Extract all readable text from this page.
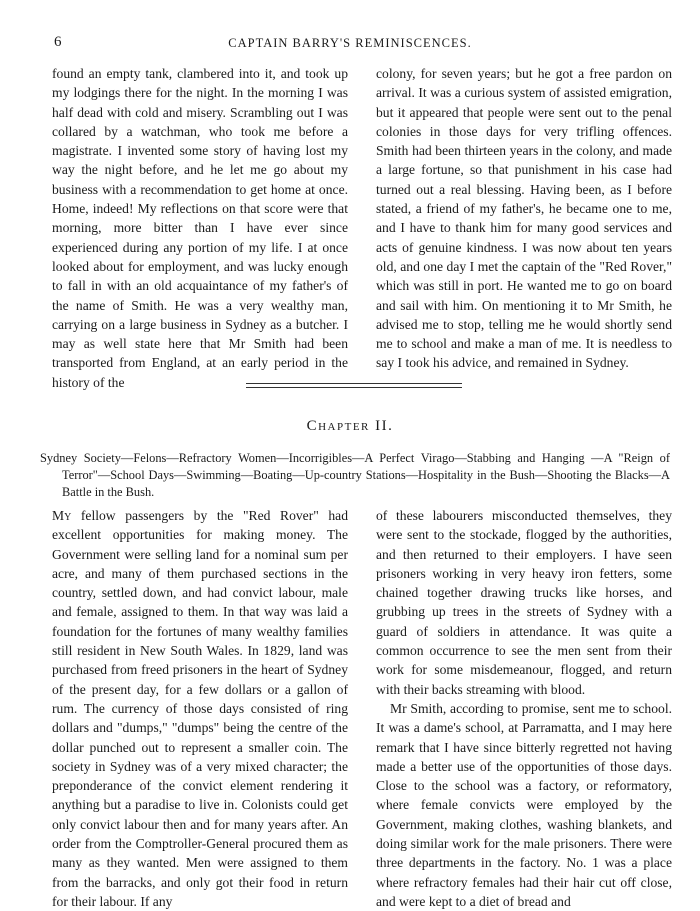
6	CAPTAIN BARRY'S REMINISCENCES.

found an empty tank, clambered into it, and took up my lodgings there for the night. In the morning I was half dead with cold and misery. Scrambling out I was collared by a watchman, who took me before a magistrate. I invented some story of having lost my way the night before, and he let me go about my business with a recommendation to get home at once. Home, indeed! My reflections on that score were that morning, more bitter than I have ever since experienced during any portion of my life. I at once looked about for employment, and was lucky enough to fall in with an old acquaintance of my father's of the name of Smith. He was a very wealthy man, carrying on a large business in Sydney as a butcher. I may as well state here that Mr Smith had been transported from England, at an early period in the history of the

colony, for seven years; but he got a free pardon on arrival. It was a curious system of assisted emigration, but it appeared that people were sent out to the penal colonies in those days for very trifling offences. Smith had been thirteen years in the colony, and made a large fortune, so that punishment in his case had turned out a real blessing. Having been, as I before stated, a friend of my father's, he became one to me, and I have to thank him for many good services and acts of genuine kindness. I was now about ten years old, and one day I met the captain of the "Red Rover," which was still in port. He wanted me to go on board and sail with him. On mentioning it to Mr Smith, he advised me to stop, telling me he would shortly send me to school and make a man of me. It is needless to say I took his advice, and remained in Sydney.

Chapter II.
Sydney Society—Felons—Refractory Women—Incorrigibles—A Perfect Virago—Stabbing and Hanging —A "Reign of Terror"—School Days—Swimming—Boating—Up-country Stations—Hospitality in the Bush—Shooting the Blacks—A Battle in the Bush.

My fellow passengers by the "Red Rover" had excellent opportunities for making money. The Government were selling land for a nominal sum per acre, and many of them purchased sections in the country, settled down, and had convict labour, male and female, assigned to them. In that way was laid a foundation for the fortunes of many wealthy families still resident in New South Wales. In 1829, land was purchased from freed prisoners in the heart of Sydney of the present day, for a few dollars or a gallon of rum. The currency of those days consisted of ring dollars and "dumps," "dumps" being the centre of the dollar punched out to represent a smaller coin. The society in Sydney was of a very mixed character; the preponderance of the convict element rendering it anything but a paradise to live in. Colonists could get only convict labour then and for many years after. An order from the Comptroller-General procured them as many as they wanted. Men were assigned to them from the barracks, and only got their food in return for their labour. If any

of these labourers misconducted themselves, they were sent to the stockade, flogged by the authorities, and then returned to their employers. I have seen prisoners working in very heavy iron fetters, some chained together drawing trucks like horses, and grubbing up trees in the streets of Sydney with a guard of soldiers in attendance. It was quite a common occurrence to see the men sent from their work for some misdemeanour, flogged, and return with their backs streaming with blood.

Mr Smith, according to promise, sent me to school. It was a dame's school, at Parramatta, and I may here remark that I have since bitterly regretted not having made a better use of the opportunities of those days. Close to the school was a factory, or reformatory, where female convicts were employed by the Government, making clothes, washing blankets, and doing similar work for the male prisoners. There were three departments in the factory. No. 1 was a place where refractory females had their hair cut off close, and were kept to a diet of bread and
